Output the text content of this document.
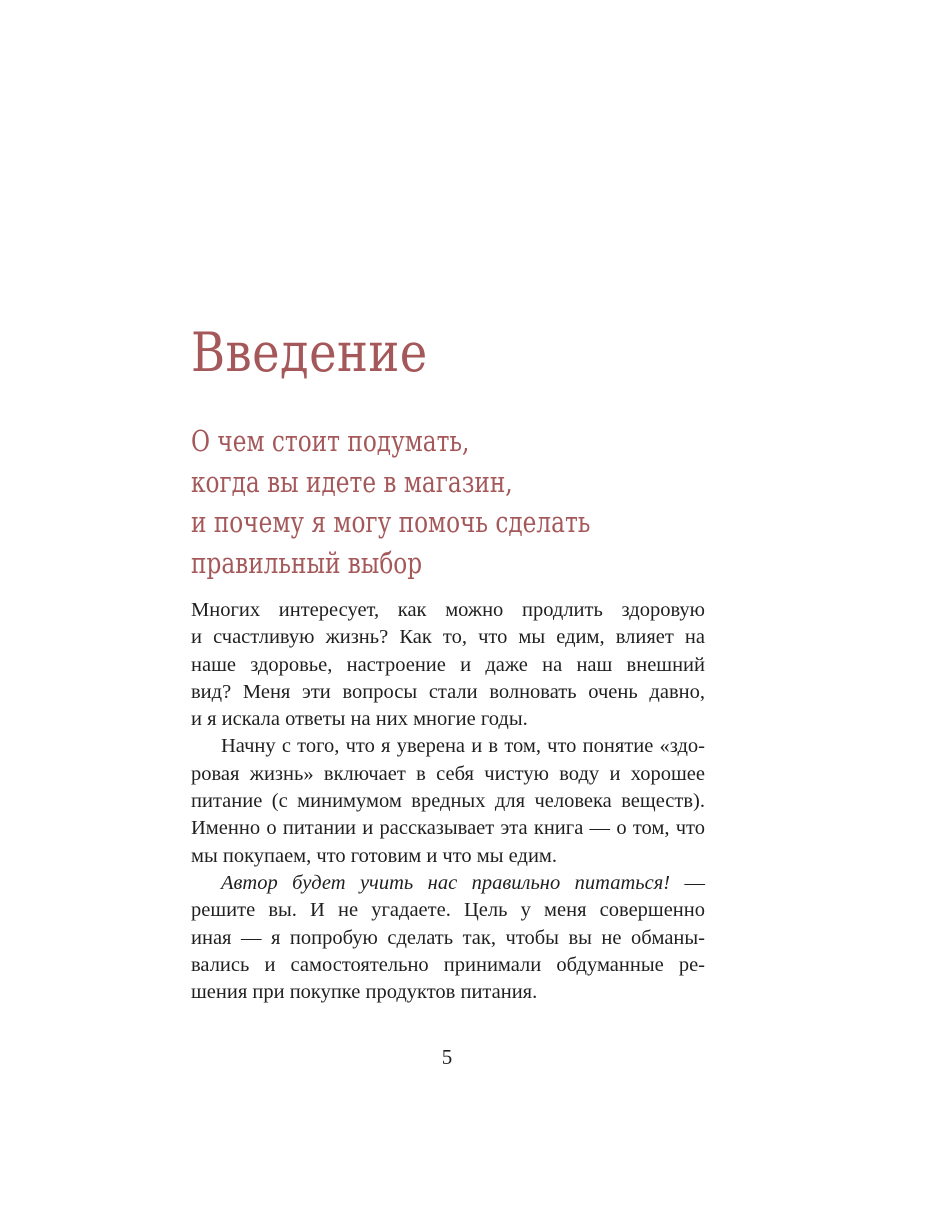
Введение
О чем стоит подумать,
когда вы идете в магазин,
и почему я могу помочь сделать
правильный выбор

Многих интересует, как можно продлить здоровую
и счастливую жизнь? Как то, что мы едим, влияет на
наше здоровье, настроение и даже на наш внешний
вид? Меня эти вопросы стали волновать очень давно,
и я искала ответы на них многие годы.

Начну с того, что я уверена и в том, что понятие «здо-
ровая жизнь» включает в себя чистую воду и хорошее
питание (с минимумом вредных для человека веществ).
Именно о питании и рассказывает эта книга — о том, что
мы покупаем, что готовим и что мы едим.

Автор будет учить нас правильно питаться! —
решите вы. И не угадаете. Цель у меня совершенно
иная — я попробую сделать так, чтобы вы не обманы-
вались и самостоятельно принимали обдуманные ре-
шения при покупке продуктов питания.

5
